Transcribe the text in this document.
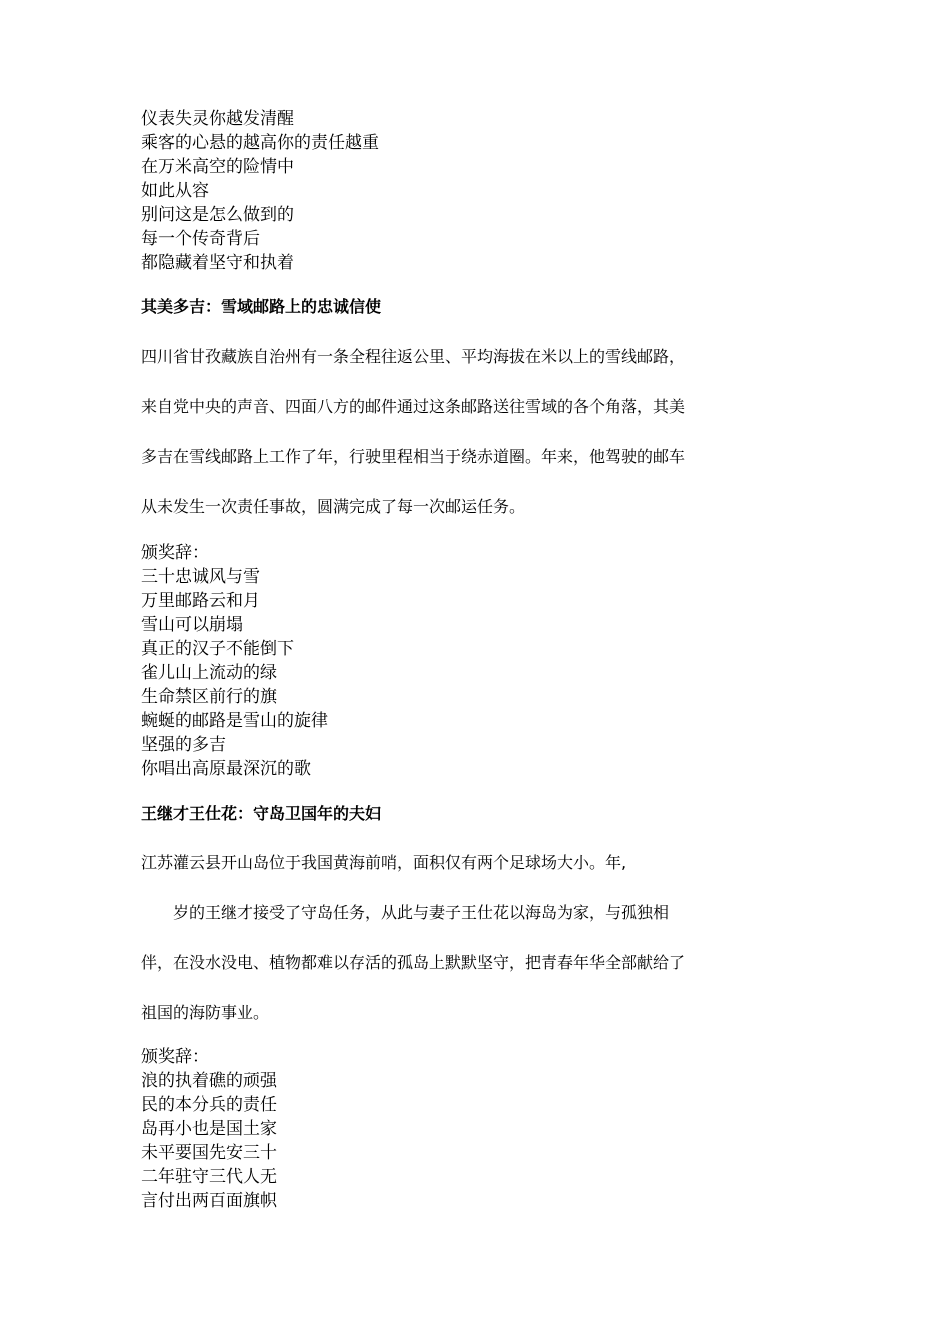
仪表失灵你越发清醒
乘客的心悬的越高你的责任越重
在万米高空的险情中
如此从容
别问这是怎么做到的
每一个传奇背后
都隐藏着坚守和执着
其美多吉：雪域邮路上的忠诚信使
四川省甘孜藏族自治州有一条全程往返公里、平均海拔在米以上的雪线邮路，
来自党中央的声音、四面八方的邮件通过这条邮路送往雪域的各个角落，其美
多吉在雪线邮路上工作了年，行驶里程相当于绕赤道圈。年来，他驾驶的邮车
从未发生一次责任事故，圆满完成了每一次邮运任务。
颁奖辞：
三十忠诚风与雪
万里邮路云和月
雪山可以崩塌
真正的汉子不能倒下
雀儿山上流动的绿
生命禁区前行的旗
蜿蜒的邮路是雪山的旋律
坚强的多吉
你唱出高原最深沉的歌
王继才王仕花：守岛卫国年的夫妇
江苏灌云县开山岛位于我国黄海前哨，面积仅有两个足球场大小。年,
岁的王继才接受了守岛任务，从此与妻子王仕花以海岛为家，与孤独相
伴，在没水没电、植物都难以存活的孤岛上默默坚守，把青春年华全部献给了
祖国的海防事业。
颁奖辞：
浪的执着礁的顽强
民的本分兵的责任
岛再小也是国土家
未平要国先安三十
二年驻守三代人无
言付出两百面旗帜
